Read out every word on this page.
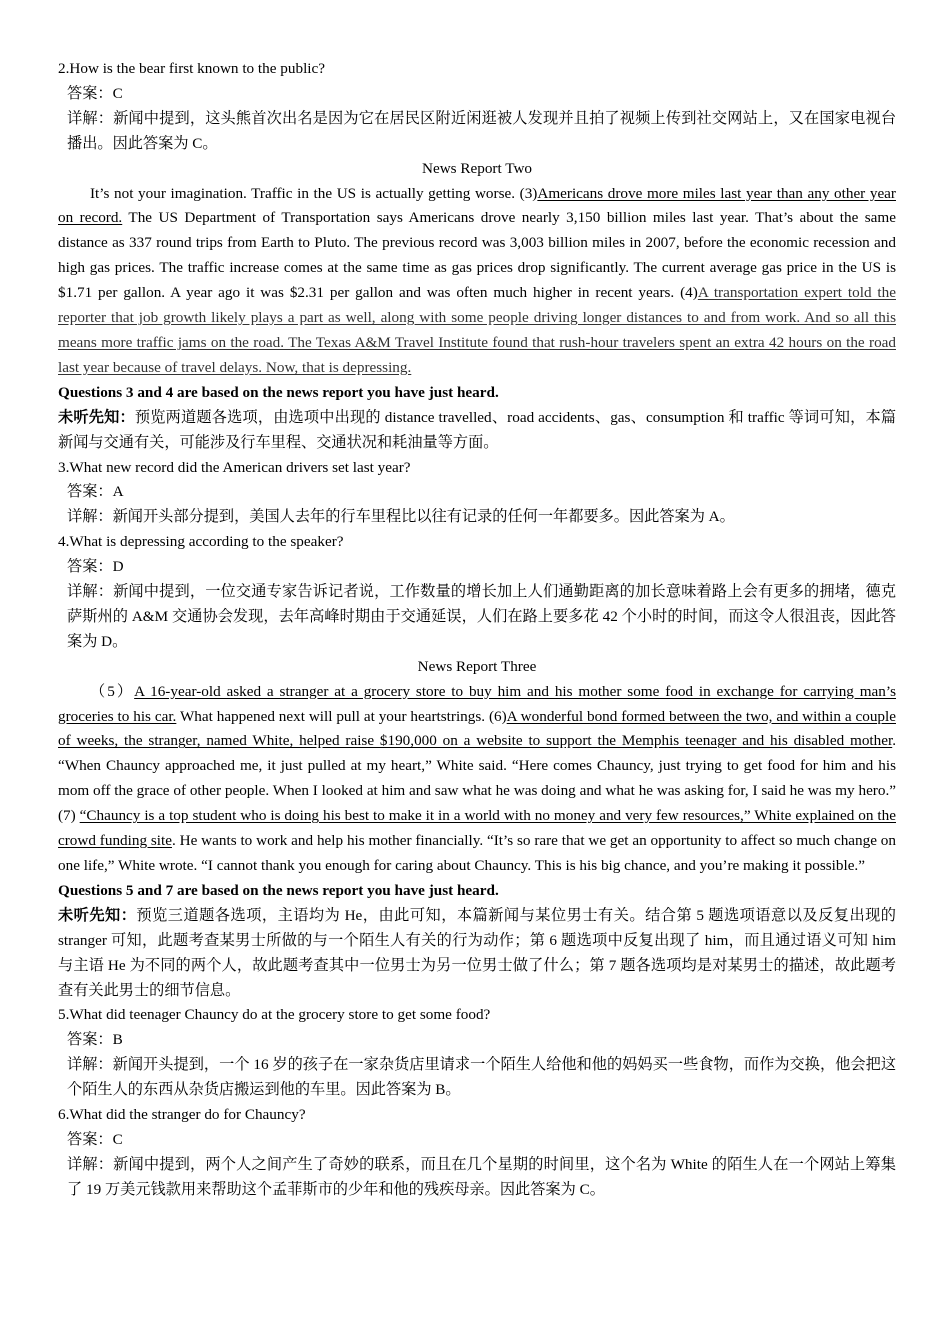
2.How is the bear first known to the public?

答案：C

详解：新闻中提到，这头熊首次出名是因为它在居民区附近闲逛被人发现并且拍了视频上传到社交网站上，又在国家电视台播出。因此答案为 C。

News Report Two

It’s not your imagination. Traffic in the US is actually getting worse. (3)Americans drove more miles last year than any other year on record. The US Department of Transportation says Americans drove nearly 3,150 billion miles last year. That’s about the same distance as 337 round trips from Earth to Pluto. The previous record was 3,003 billion miles in 2007, before the economic recession and high gas prices. The traffic increase comes at the same time as gas prices drop significantly. The current average gas price in the US is $1.71 per gallon. A year ago it was $2.31 per gallon and was often much higher in recent years. (4)A transportation expert told the reporter that job growth likely plays a part as well, along with some people driving longer distances to and from work. And so all this means more traffic jams on the road. The Texas A&M Travel Institute found that rush-hour travelers spent an extra 42 hours on the road last year because of travel delays. Now, that is depressing.

Questions 3 and 4 are based on the news report you have just heard.

未听先知：预览两道题各选项，由选项中出现的 distance travelled、road accidents、gas、consumption 和 traffic 等词可知，本篇新闻与交通有关，可能涉及行车里程、交通状况和耗油量等方面。

3.What new record did the American drivers set last year?

答案：A

详解：新闻开头部分提到，美国人去年的行车里程比以往有记录的任何一年都要多。因此答案为 A。

4.What is depressing according to the speaker?

答案：D

详解：新闻中提到，一位交通专家告诉记者说，工作数量的增长加上人们通勤距离的加长意味着路上会有更多的拥堵，德克萨斯州的 A&M 交通协会发现，去年高峰时期由于交通延误，人们在路上要多花 42 个小时的时间，而这令人很沮丧，因此答案为 D。

News Report Three

（5）A 16-year-old asked a stranger at a grocery store to buy him and his mother some food in exchange for carrying man’s groceries to his car. What happened next will pull at your heartstrings. (6)A wonderful bond formed between the two, and within a couple of weeks, the stranger, named White, helped raise $190,000 on a website to support the Memphis teenager and his disabled mother. “When Chauncy approached me, it just pulled at my heart,” White said. “Here comes Chauncy, just trying to get food for him and his mom off the grace of other people. When I looked at him and saw what he was doing and what he was asking for, I said he was my hero.” (7) “Chauncy is a top student who is doing his best to make it in a world with no money and very few resources,” White explained on the crowd funding site. He wants to work and help his mother financially. “It’s so rare that we get an opportunity to affect so much change on one life,” White wrote. “I cannot thank you enough for caring about Chauncy. This is his big chance, and you’re making it possible.”

Questions 5 and 7 are based on the news report you have just heard.

未听先知：预览三道题各选项，主语均为 He，由此可知，本篇新闻与某位男士有关。结合第 5 题选项语意以及反复出现的 stranger 可知，此题考查某男士所做的与一个陌生人有关的行为动作；第 6 题选项中反复出现了 him，而且通过语义可知 him 与主语 He 为不同的两个人，故此题考查其中一位男士为另一位男士做了什么；第 7 题各选项均是对某男士的描述，故此题考查有关此男士的细节信息。

5.What did teenager Chauncy do at the grocery store to get some food?

答案：B

详解：新闻开头提到，一个 16 岁的孩子在一家杂货店里请求一个陌生人给他和他的妈妈买一些食物，而作为交换，他会把这个陌生人的东西从杂货店搬运到他的车里。因此答案为 B。

6.What did the stranger do for Chauncy?

答案：C

详解：新闻中提到，两个人之间产生了奇妙的联系，而且在几个星期的时间里，这个名为 White 的陌生人在一个网站上筹集了 19 万美元钱款用来帮助这个孟菲斯市的少年和他的残疾母亲。因此答案为 C。
